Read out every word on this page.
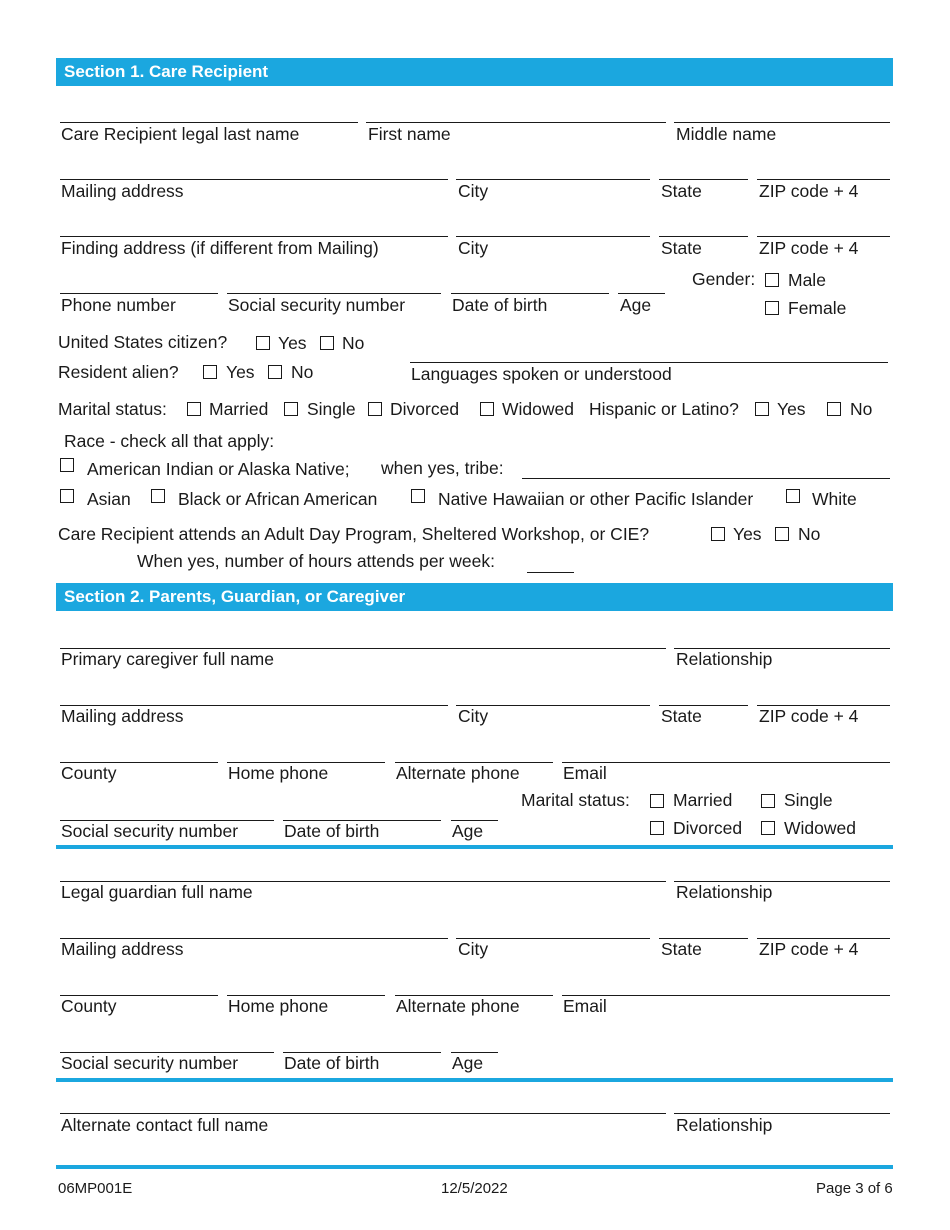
Section 1. Care Recipient
Care Recipient legal last name	First name	Middle name
Mailing address	City	State	ZIP code + 4
Finding address (if different from Mailing)	City	State	ZIP code + 4
Gender: Male
Female
Phone number	Social security number	Date of birth	Age
United States citizen?	Yes No
Resident alien?	Yes No	Languages spoken or understood
Marital status: Married Single Divorced Widowed Hispanic or Latino? Yes	No
Race - check all that apply:
American Indian or Alaska Native; when yes, tribe:
Asian	Black or African American	Native Hawaiian or other Pacific Islander	White
Care Recipient attends an Adult Day Program, Sheltered Workshop, or CIE?	Yes No
When yes, number of hours attends per week:
Section 2. Parents, Guardian, or Caregiver
Primary caregiver full name	Relationship
Mailing address	City	State	ZIP code + 4
County	Home phone	Alternate phone Email
Marital status: Married	Single
Divorced Widowed
Social security number	Date of birth	Age
Legal guardian full name	Relationship
Mailing address	City	State	ZIP code + 4
County	Home phone	Alternate phone Email
Social security number	Date of birth	Age
Alternate contact full name	Relationship
06MP001E	12/5/2022	Page 3 of 6
